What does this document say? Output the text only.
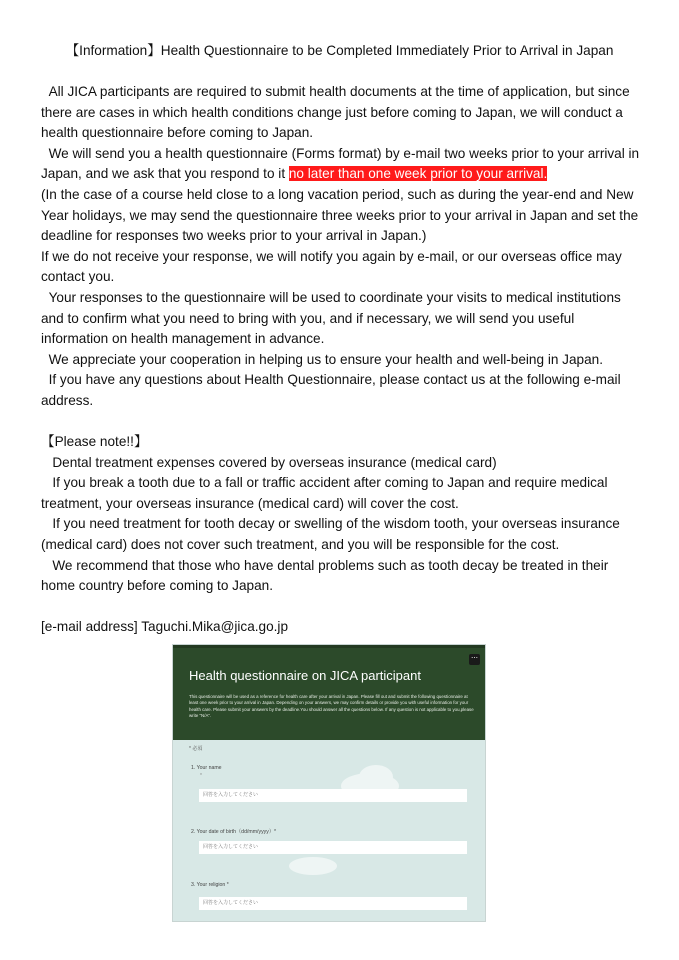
【Information】Health Questionnaire to be Completed Immediately Prior to Arrival in Japan

All JICA participants are required to submit health documents at the time of application, but since there are cases in which health conditions change just before coming to Japan, we will conduct a health questionnaire before coming to Japan.

We will send you a health questionnaire (Forms format) by e-mail two weeks prior to your arrival in Japan, and we ask that you respond to it no later than one week prior to your arrival.

(In the case of a course held close to a long vacation period, such as during the year-end and New Year holidays, we may send the questionnaire three weeks prior to your arrival in Japan and set the deadline for responses two weeks prior to your arrival in Japan.)

If we do not receive your response, we will notify you again by e-mail, or our overseas office may contact you.

Your responses to the questionnaire will be used to coordinate your visits to medical institutions and to confirm what you need to bring with you, and if necessary, we will send you useful information on health management in advance.

We appreciate your cooperation in helping us to ensure your health and well-being in Japan.

If you have any questions about Health Questionnaire, please contact us at the following e-mail address.

【Please note!!】

Dental treatment expenses covered by overseas insurance (medical card)

If you break a tooth due to a fall or traffic accident after coming to Japan and require medical treatment, your overseas insurance (medical card) will cover the cost.

If you need treatment for tooth decay or swelling of the wisdom tooth, your overseas insurance (medical card) does not cover such treatment, and you will be responsible for the cost.

We recommend that those who have dental problems such as tooth decay be treated in their home country before coming to Japan.

[e-mail address] Taguchi.Mika@jica.go.jp

Health questionnaire on JICA participant
This questionnaire will be used as a reference for health care after your arrival in Japan. Please fill out and submit the following questionnaire at least one week prior to your arrival in Japan. Depending on your answers, we may confirm details or provide you with useful information for your health care. Please submit your answers by the deadline.You should answer all the questions below. If any question is not applicable to you,please write "N/A".
⋯
* 必須
1. Your name
*
回答を入力してください
2. Your date of birth（dd/mm/yyyy）*
回答を入力してください
3. Your religion *
回答を入力してください
